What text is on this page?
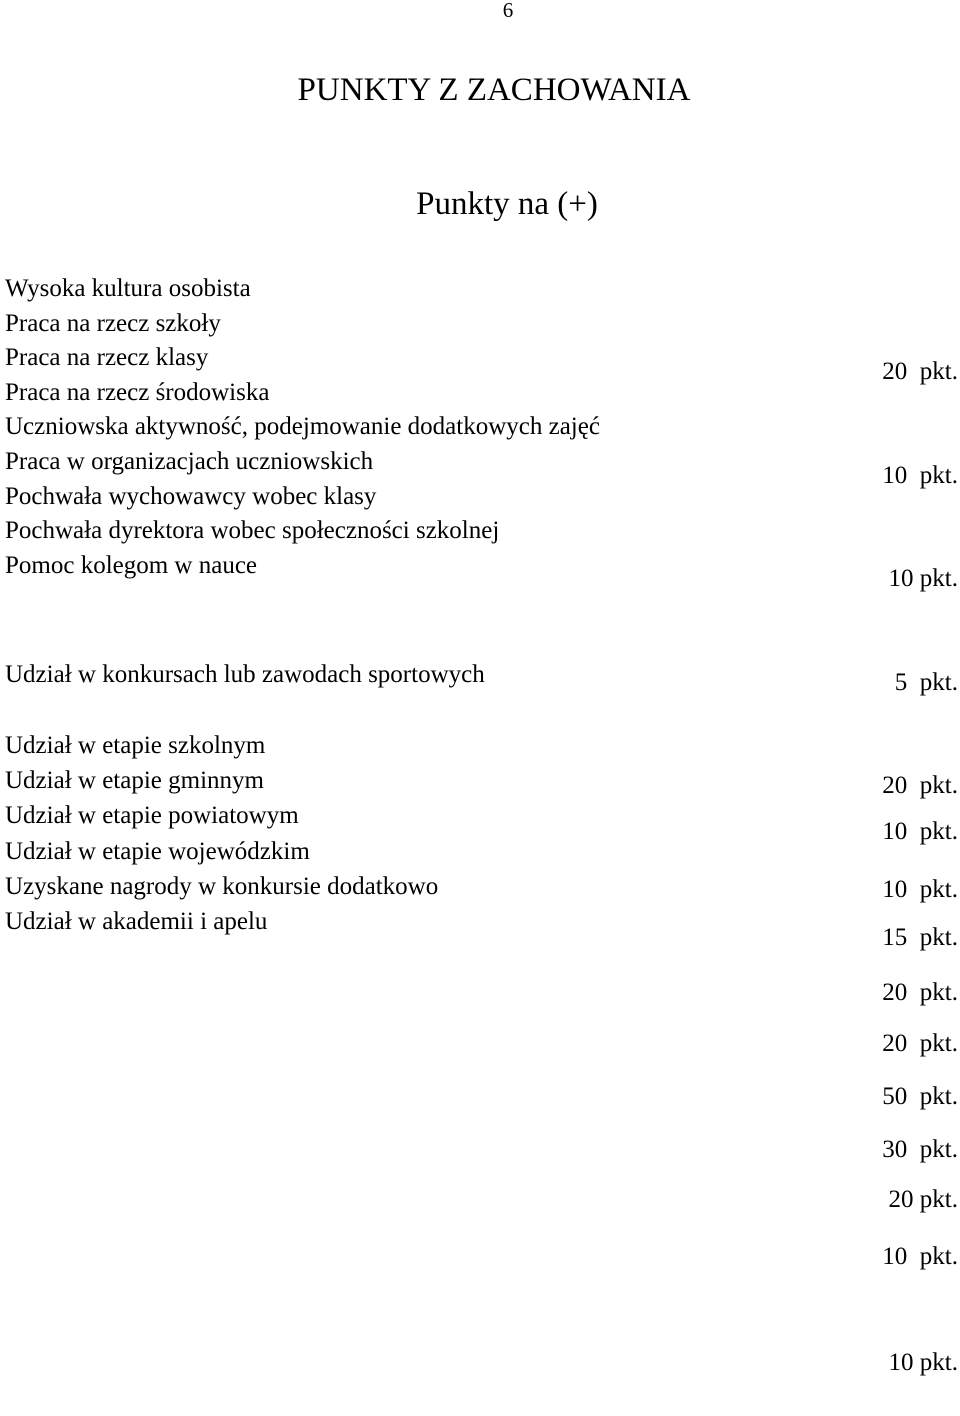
6
PUNKTY Z ZACHOWANIA
Punkty na (+)
Wysoka kultura osobista
Praca na rzecz szkoły
Praca na rzecz klasy
Praca na rzecz środowiska
Uczniowska aktywność, podejmowanie dodatkowych zajęć
Praca w organizacjach uczniowskich
Pochwała wychowawcy wobec klasy
Pochwała dyrektora wobec społeczności szkolnej
Pomoc kolegom w nauce

20  pkt.

10  pkt.

10 pkt.

5  pkt.

20  pkt.

10  pkt.

20  pkt.

50  pkt.

20 pkt.

Udział w konkursach lub zawodach sportowych
Udział w etapie szkolnym
Udział w etapie gminnym
Udział w etapie powiatowym
Udział w etapie wojewódzkim
Uzyskane nagrody w konkursie dodatkowo
Udział w akademii i apelu

10  pkt.

15  pkt.

20  pkt.

30  pkt.

10  pkt.

10 pkt.
